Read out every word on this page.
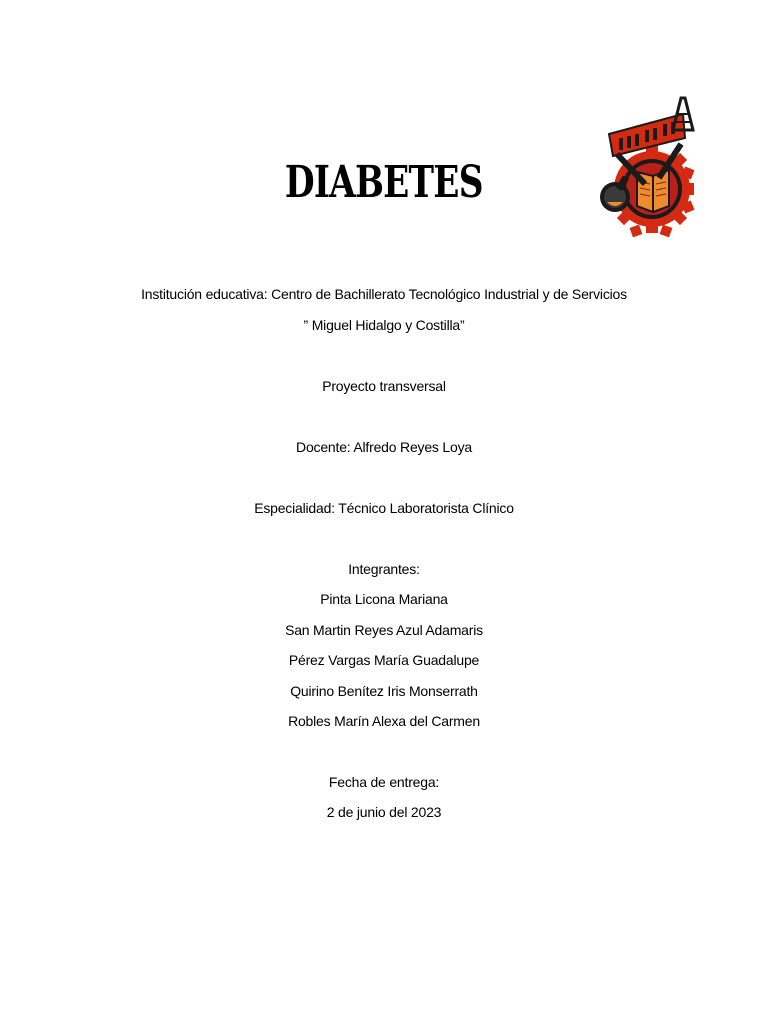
DIABETES
Institución educativa: Centro de Bachillerato Tecnológico Industrial y de Servicios
” Miguel Hidalgo y Costilla”
Proyecto transversal
Docente: Alfredo Reyes Loya
Especialidad: Técnico Laboratorista Clínico
Integrantes:
Pinta Licona Mariana
San Martin Reyes Azul Adamaris
Pérez Vargas María Guadalupe
Quirino Benítez Iris Monserrath
Robles Marín Alexa del Carmen
Fecha de entrega:
2 de junio del 2023
